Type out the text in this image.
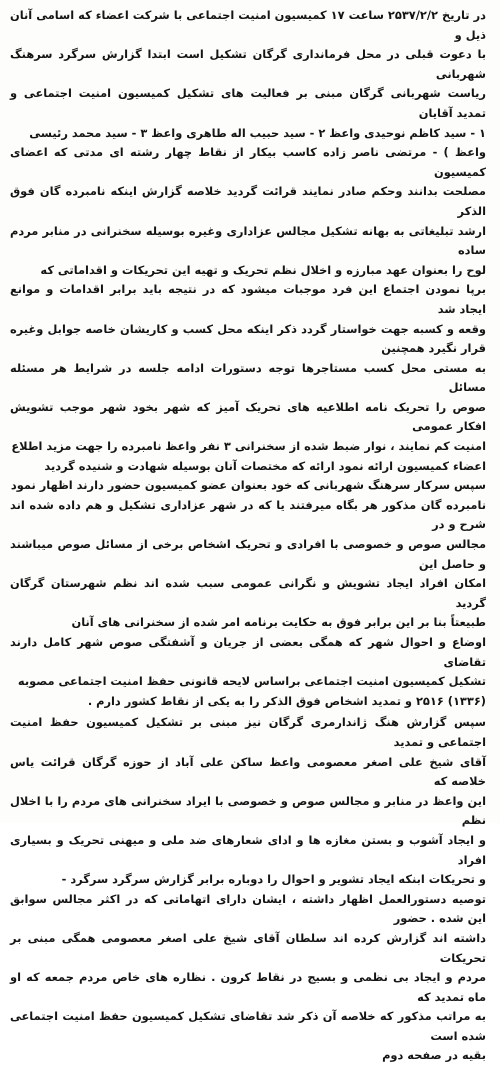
در تاریخ ۲۵۳۷/۲/۲ ساعت ۱۷ کمیسیون امنیت اجتماعی با شرکت اعضاء که اسامی آنان ذیل و
با دعوت قبلی در محل فرمانداری گرگان تشکیل است ابتدا گزارش سرگرد سرهنگ شهربانی
ریاست شهربانی گرگان مبنی بر فعالیت های تشکیل کمیسیون امنیت اجتماعی و تمدید آقایان
۱ - سید کاظم نوحیدی واعظ ۲ - سید حبیب اله طاهری واعظ ۳ - سید محمد رئیسی
واعظ ) - مرتضی ناصر زاده کاسب بیکار از نقاط چهار رشته ای مدتی که اعضای کمیسیون
مصلحت بدانند وحکم صادر نمایند قرائت گردید خلاصه گزارش اینکه نامبرده گان فوق الذکر
ارشد تبلیغاتی به بهانه تشکیل مجالس عزاداری وغیره بوسیله سخنرانی در منابر مردم ساده
لوح را بعنوان عهد مبارزه و اخلال نظم تحریک و تهیه این تحریکات و اقداماتی که
برپا نمودن اجتماع این فرد موجبات میشود که در نتیجه باید برابر اقدامات و موانع ایجاد شد
وقعه و کسبه جهت خواستار گردد ذکر اینکه محل کسب و کاریشان خاصه جوابل وغیره قرار نگیرد همچنین
به مستی محل کسب مستاجرها توجه دستورات ادامه جلسه در شرایط هر مسئله مسائل
صوص را تحریک نامه اطلاعیه های تحریک آمیز که شهر بخود شهر موجب تشویش افکار عمومی
امنیت کم نمایند ، نوار ضبط شده از سخنرانی ۳ نفر واعظ نامبرده را جهت مزید اطلاع
اعضاء کمیسیون ارائه نمود ارائه که مختصات آنان بوسیله شهادت و شنیده گردید
سپس سرکار سرهنگ شهربانی که خود بعنوان عضو کمیسیون حضور دارند اظهار نمود
نامبرده گان مذکور هر بگاه میرفتند یا که در شهر عزاداری تشکیل و هم داده شده اند شرح و در
مجالس صوص و خصوصی با افرادی و تحریک اشخاص برخی از مسائل صوص میباشند و حاصل این
امکان افراد ایجاد تشویش و نگرانی عمومی سبب شده اند نظم شهرستان گرگان گردید
طبیعتاً بنا بر این برابر فوق به حکایت برنامه امر شده از سخنرانی های آنان
اوضاع و احوال شهر که همگی بعضی از جریان و آشفتگی صوص شهر کامل دارند تقاضای
تشکیل کمیسیون امنیت اجتماعی براساس لایحه قانونی حفظ امنیت اجتماعی مصوبه
(۱۳۳۶) ۲۵۱۶ و تمدید اشخاص فوق الذکر را به یکی از نقاط کشور دارم .

سپس گزارش هنگ ژاندارمری گرگان نیز مبنی بر تشکیل کمیسیون حفظ امنیت اجتماعی و تمدید
آقای شیخ علی اصغر معصومی واعظ ساکن علی آباد از حوزه گرگان قرائت یاس خلاصه که
این واعظ در منابر و مجالس صوص و خصوصی با ایراد سخنرانی های مردم را با اخلال نظم
و ایجاد آشوب و بستن مغازه ها و ادای شعارهای ضد ملی و میهنی تحریک و بسیاری افراد
و تحریکات ابنکه ایجاد تشویر و احوال را دوباره برابر گزارش سرگرد سرگرد -
توصیه دستورالعمل اظهار داشته ، ایشان دارای اتهاماتی که در اکثر مجالس سوابق این شده . حضور
داشته اند گزارش کرده اند سلطان آقای شیخ علی اصغر معصومی همگی مبنی بر تحریکات
مردم و ایجاد بی نظمی و بسیج در نقاط کرون . نظاره های خاص مردم جمعه که او ماه تمدید که
به مراتب مذکور که خلاصه آن ذکر شد تقاضای تشکیل کمیسیون حفظ امنیت اجتماعی شده است
بقیه در صفحه دوم
